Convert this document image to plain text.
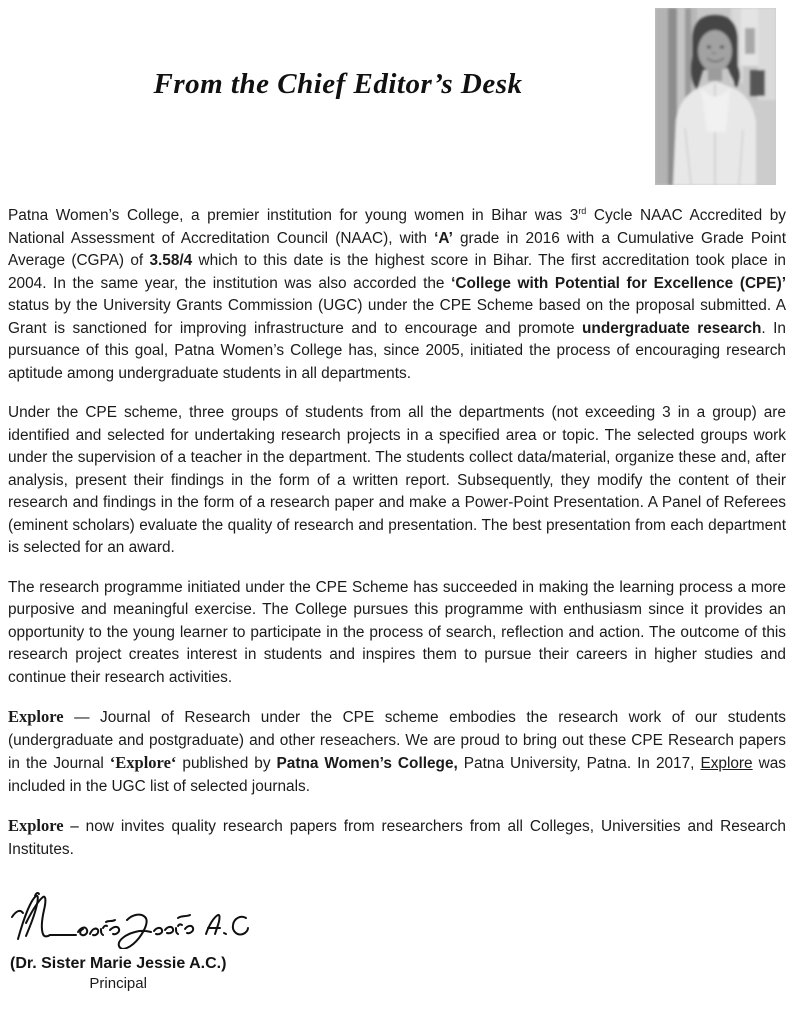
From the Chief Editor’s Desk

Patna Women’s College, a premier institution for young women in Bihar was 3rd Cycle NAAC Accredited by National Assessment of Accreditation Council (NAAC), with ‘A’ grade in 2016 with a Cumulative Grade Point Average (CGPA) of 3.58/4 which to this date is the highest score in Bihar. The first accreditation took place in 2004. In the same year, the institution was also accorded the ‘College with Potential for Excellence (CPE)’ status by the University Grants Commission (UGC) under the CPE Scheme based on the proposal submitted. A Grant is sanctioned for improving infrastructure and to encourage and promote undergraduate research. In pursuance of this goal, Patna Women’s College has, since 2005, initiated the process of encouraging research aptitude among undergraduate students in all departments.

Under the CPE scheme, three groups of students from all the departments (not exceeding 3 in a group) are identified and selected for undertaking research projects in a specified area or topic. The selected groups work under the supervision of a teacher in the department. The students collect data/material, organize these and, after analysis, present their findings in the form of a written report. Subsequently, they modify the content of their research and findings in the form of a research paper and make a Power-Point Presentation. A Panel of Referees (eminent scholars) evaluate the quality of research and presentation. The best presentation from each department is selected for an award.

The research programme initiated under the CPE Scheme has succeeded in making the learning process a more purposive and meaningful exercise. The College pursues this programme with enthusiasm since it provides an opportunity to the young learner to participate in the process of search, reflection and action. The outcome of this research project creates interest in students and inspires them to pursue their careers in higher studies and continue their research activities.

Explore — Journal of Research under the CPE scheme embodies the research work of our students (undergraduate and postgraduate) and other reseachers. We are proud to bring out these CPE Research papers in the Journal ‘Explore‘ published by Patna Women’s College, Patna University, Patna. In 2017, Explore was included in the UGC list of selected journals.

Explore – now invites quality research papers from researchers from all Colleges, Universities and Research Institutes.

(Dr. Sister Marie Jessie A.C.)
Principal
